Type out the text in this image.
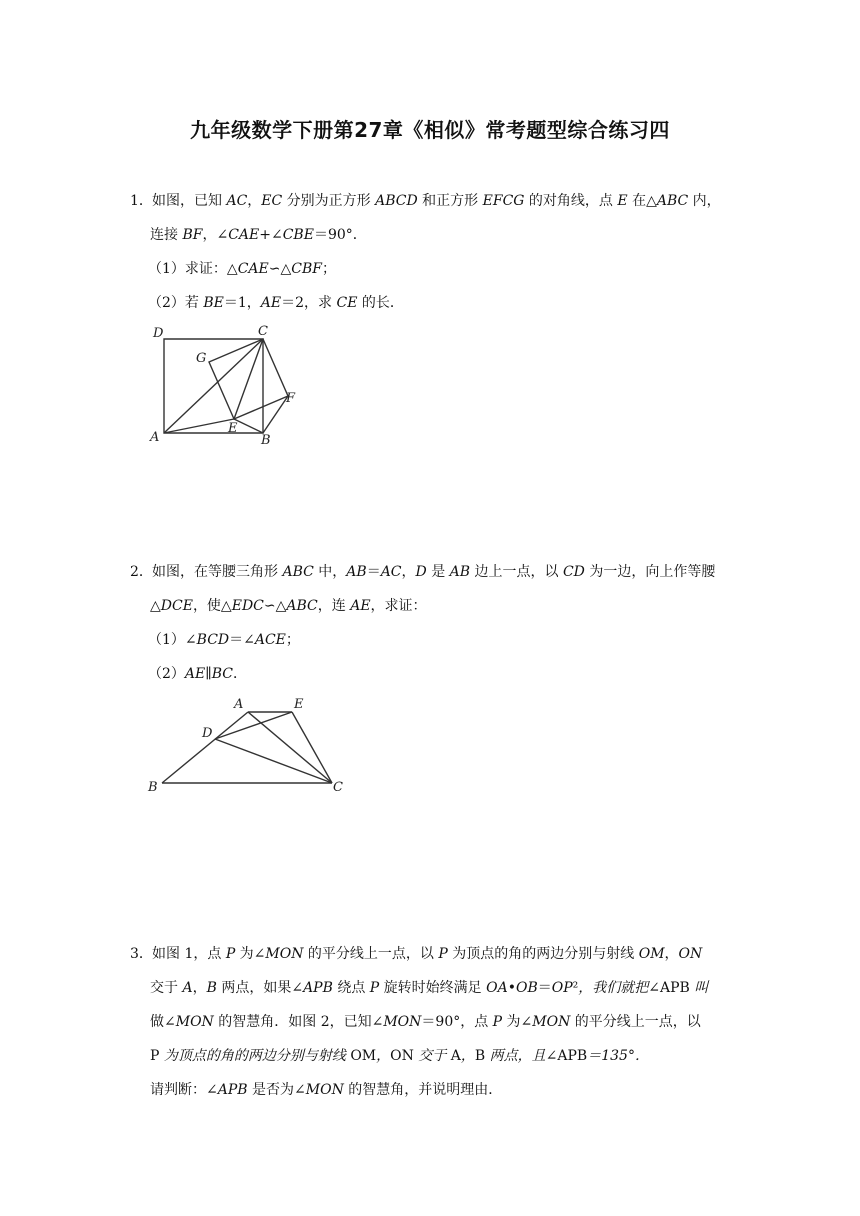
九年级数学下册第27章《相似》常考题型综合练习四
1． 如图，已知 AC，EC 分别为正方形 ABCD 和正方形 EFCG 的对角线，点 E 在△ABC 内，
连接 BF，∠CAE+∠CBE＝90°．
（1）求证：△CAE∽△CBF；
（2）若 BE＝1，AE＝2，求 CE 的长．
D	C
G
F
A
E
B
2． 如图，在等腰三角形 ABC 中，AB＝AC，D 是 AB 边上一点，以 CD 为一边，向上作等腰
△DCE，使△EDC∽△ABC，连 AE，求证：
（1）∠BCD＝∠ACE；
（2）AE∥BC．
A	E
D
B	C
3． 如图 1，点 P 为∠MON 的平分线上一点，以 P 为顶点的角的两边分别与射线 OM，ON
交于 A，B 两点，如果∠APB 绕点 P 旋转时始终满足 OA•OB＝OP²，我们就把∠APB 叫
做∠MON 的智慧角．如图 2，已知∠MON＝90°，点 P 为∠MON 的平分线上一点，以
P 为顶点的角的两边分别与射线 OM，ON 交于 A，B 两点，且∠APB＝135°．
请判断：∠APB 是否为∠MON 的智慧角，并说明理由．
